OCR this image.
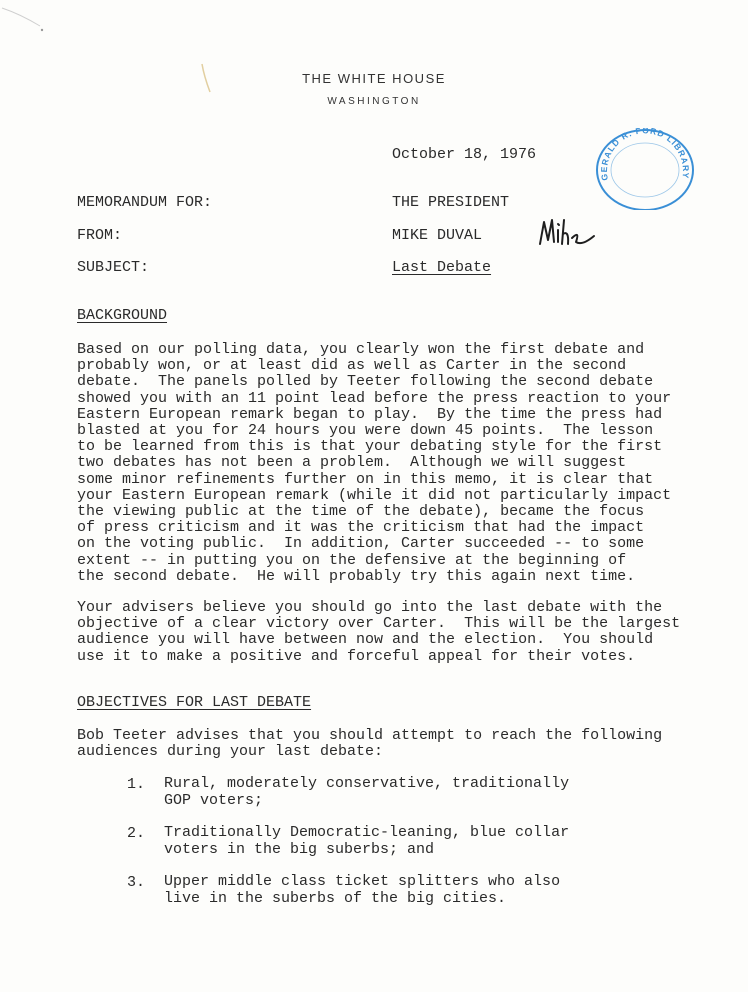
THE WHITE HOUSE
WASHINGTON
October 18, 1976
GERALD R. FORD LIBRARY
MEMORANDUM FOR:	THE PRESIDENT
FROM:	MIKE DUVAL
SUBJECT:	Last Debate
BACKGROUND
Based on our polling data, you clearly won the first debate and
probably won, or at least did as well as Carter in the second
debate.  The panels polled by Teeter following the second debate
showed you with an 11 point lead before the press reaction to your
Eastern European remark began to play.  By the time the press had
blasted at you for 24 hours you were down 45 points.  The lesson
to be learned from this is that your debating style for the first
two debates has not been a problem.  Although we will suggest
some minor refinements further on in this memo, it is clear that
your Eastern European remark (while it did not particularly impact
the viewing public at the time of the debate), became the focus
of press criticism and it was the criticism that had the impact
on the voting public.  In addition, Carter succeeded -- to some
extent -- in putting you on the defensive at the beginning of
the second debate.  He will probably try this again next time.
Your advisers believe you should go into the last debate with the
objective of a clear victory over Carter.  This will be the largest
audience you will have between now and the election.  You should
use it to make a positive and forceful appeal for their votes.
OBJECTIVES FOR LAST DEBATE
Bob Teeter advises that you should attempt to reach the following
audiences during your last debate:
1. Rural, moderately conservative, traditionally
GOP voters;
2. Traditionally Democratic-leaning, blue collar
voters in the big suberbs; and
3. Upper middle class ticket splitters who also
live in the suberbs of the big cities.
